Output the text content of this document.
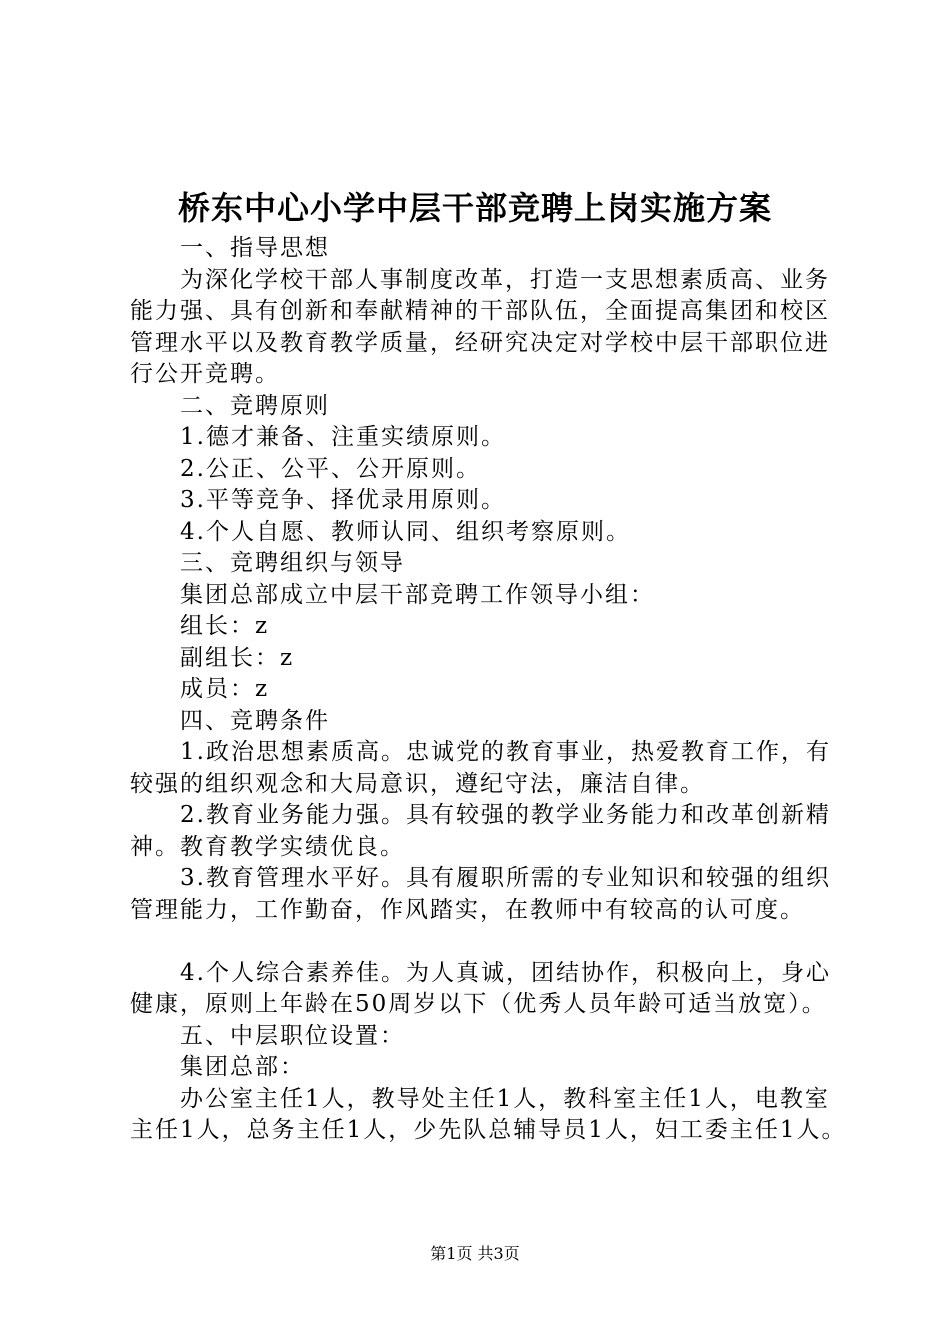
桥东中心小学中层干部竞聘上岗实施方案

一、指导思想

为深化学校干部人事制度改革，打造一支思想素质高、业务能力强、具有创新和奉献精神的干部队伍，全面提高集团和校区管理水平以及教育教学质量，经研究决定对学校中层干部职位进行公开竞聘。

二、竞聘原则

1.德才兼备、注重实绩原则。

2.公正、公平、公开原则。

3.平等竞争、择优录用原则。

4.个人自愿、教师认同、组织考察原则。

三、竞聘组织与领导

集团总部成立中层干部竞聘工作领导小组：

组长：z

副组长：z

成员：z

四、竞聘条件

1.政治思想素质高。忠诚党的教育事业，热爱教育工作，有较强的组织观念和大局意识，遵纪守法，廉洁自律。

2.教育业务能力强。具有较强的教学业务能力和改革创新精神。教育教学实绩优良。

3.教育管理水平好。具有履职所需的专业知识和较强的组织管理能力，工作勤奋，作风踏实，在教师中有较高的认可度。

4.个人综合素养佳。为人真诚，团结协作，积极向上，身心健康，原则上年龄在50周岁以下（优秀人员年龄可适当放宽）。

五、中层职位设置：

集团总部：

办公室主任1人，教导处主任1人，教科室主任1人，电教室主任1人，总务主任1人，少先队总辅导员1人，妇工委主任1人。

第1页 共3页
